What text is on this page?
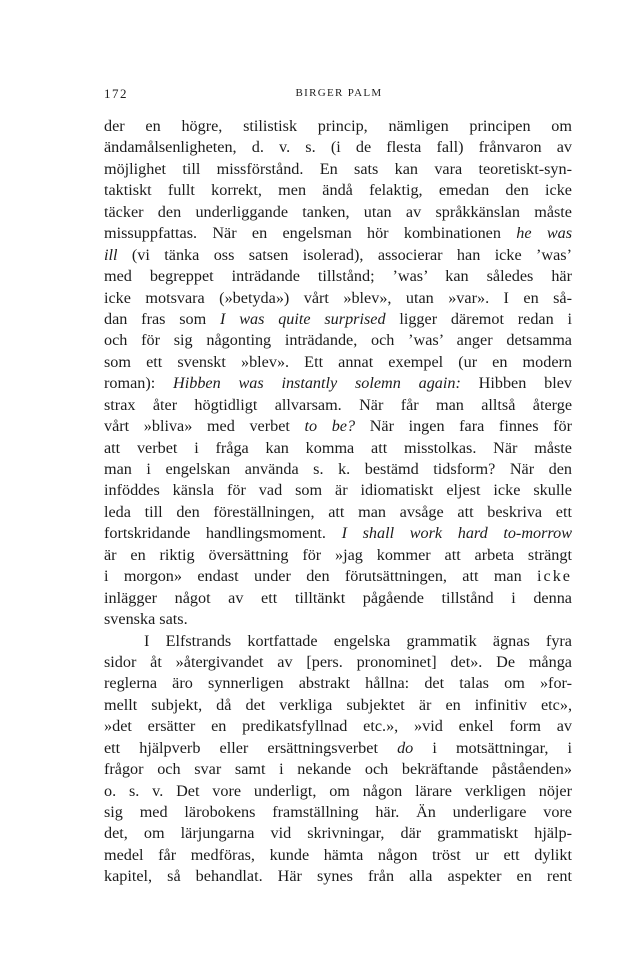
172	BIRGER PALM
der en högre, stilistisk princip, nämligen principen om
ändamålsenligheten, d. v. s. (i de flesta fall) frånvaron av
möjlighet till missförstånd. En sats kan vara teoretiskt-syn-
taktiskt fullt korrekt, men ändå felaktig, emedan den icke
täcker den underliggande tanken, utan av språkkänslan måste
missuppfattas. När en engelsman hör kombinationen he was
ill (vi tänka oss satsen isolerad), associerar han icke ’was’
med begreppet inträdande tillstånd; ’was’ kan således här
icke motsvara (»betyda») vårt »blev», utan »var». I en så-
dan fras som I was quite surprised ligger däremot redan i
och för sig någonting inträdande, och ’was’ anger detsamma
som ett svenskt »blev». Ett annat exempel (ur en modern
roman): Hibben was instantly solemn again: Hibben blev
strax åter högtidligt allvarsam. När får man alltså återge
vårt »bliva» med verbet to be? När ingen fara finnes för
att verbet i fråga kan komma att misstolkas. När måste
man i engelskan använda s. k. bestämd tidsform? När den
inföddes känsla för vad som är idiomatiskt eljest icke skulle
leda till den föreställningen, att man avsåge att beskriva ett
fortskridande handlingsmoment. I shall work hard to-morrow
är en riktig översättning för »jag kommer att arbeta strängt
i morgon» endast under den förutsättningen, att man icke
inlägger något av ett tilltänkt pågående tillstånd i denna
svenska sats.
I Elfstrands kortfattade engelska grammatik ägnas fyra
sidor åt »återgivandet av [pers. pronominet] det». De många
reglerna äro synnerligen abstrakt hållna: det talas om »for-
mellt subjekt, då det verkliga subjektet är en infinitiv etc»,
»det ersätter en predikatsfyllnad etc.», »vid enkel form av
ett hjälpverb eller ersättningsverbet do i motsättningar, i
frågor och svar samt i nekande och bekräftande påståenden»
o. s. v. Det vore underligt, om någon lärare verkligen nöjer
sig med lärobokens framställning här. Än underligare vore
det, om lärjungarna vid skrivningar, där grammatiskt hjälp-
medel får medföras, kunde hämta någon tröst ur ett dylikt
kapitel, så behandlat. Här synes från alla aspekter en rent
